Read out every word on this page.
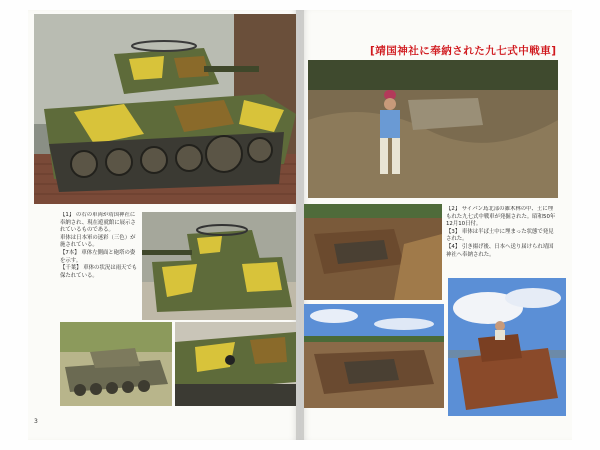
【1】 の右の車両が靖国神社に奉納され、現在遊就館に展示されているものである。

車体は日本軍の迷彩（三色）が施されている。

【7本】 車体左側面と砲塔の姿を示す。

【千葉】 車体の状況は雨天でも保たれている。

3
[靖国神社に奉納された九七式中戦車]

【2】 サイパン島北部の雑木林の中、土に埋もれた九七式中戦車が発掘された。昭和50年12月10日付。

【3】 車体は半ば土中に埋まった状態で発見された。

【4】 引き揚げ後、日本へ送り届けられ靖国神社へ奉納された。
